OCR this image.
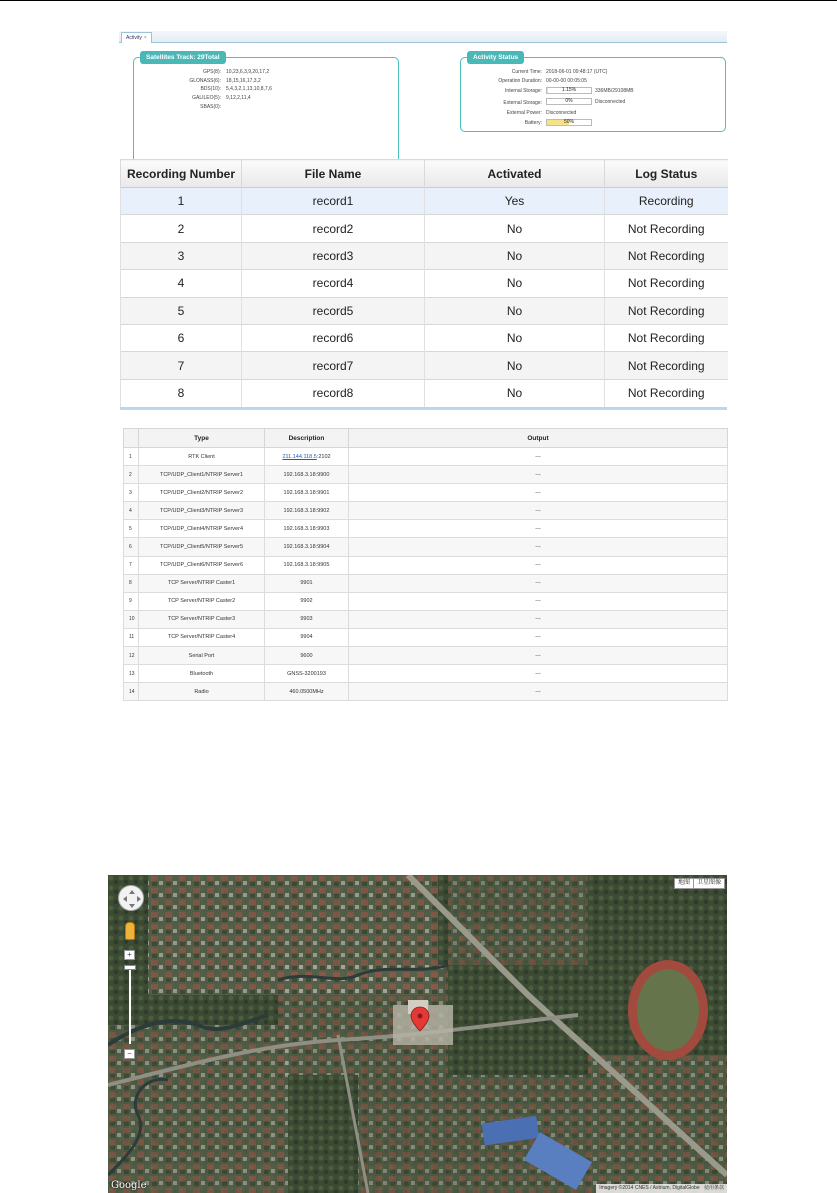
Activity ×
Satellites Track: 29Total
GPS(8): 10,23,6,3,9,20,17,2
GLONASS(6): 18,15,16,17,3,2
BDS(10): 5,4,3,2,1,13,10,8,7,6
GALILEO(5): 9,12,2,11,4
SBAS(0):
Activity Status
Current Time: 2018-06-01 09:48:17 (UTC)
Operation Duration: 00-00-00 00:05:05
Internal Storage:	1.15%	336MB/29108MB
External Storage:	0%	Disconnected
External Power: Disconnected
Battery:	50%
Recording Number	File Name	Activated	Log Status
1	record1	Yes	Recording
2	record2	No	Not Recording
3	record3	No	Not Recording
4	record4	No	Not Recording
5	record5	No	Not Recording
6	record6	No	Not Recording
7	record7	No	Not Recording
8	record8	No	Not Recording
	Type	Description	Output
1	RTK Client	211.144.118.5:2102	---
2	TCP/UDP_Client1/NTRIP Server1	192.168.3.18:9900	---
3	TCP/UDP_Client2/NTRIP Server2	192.168.3.18:9901	---
4	TCP/UDP_Client3/NTRIP Server3	192.168.3.18:9902	---
5	TCP/UDP_Client4/NTRIP Server4	192.168.3.18:9903	---
6	TCP/UDP_Client5/NTRIP Server5	192.168.3.18:9904	---
7	TCP/UDP_Client6/NTRIP Server6	192.168.3.18:9905	---
8	TCP Server/NTRIP Caster1	9901	---
9	TCP Server/NTRIP Caster2	9902	---
10	TCP Server/NTRIP Caster3	9903	---
11	TCP Server/NTRIP Caster4	9904	---
12	Serial Port	9600	---
13	Bluetooth	GNSS-3200193	---
14	Radio	460.0500MHz	---
地图	卫星图像
+
−
Google	Imagery ©2014 CNES / Astrium, DigitalGlobe 使用条款
